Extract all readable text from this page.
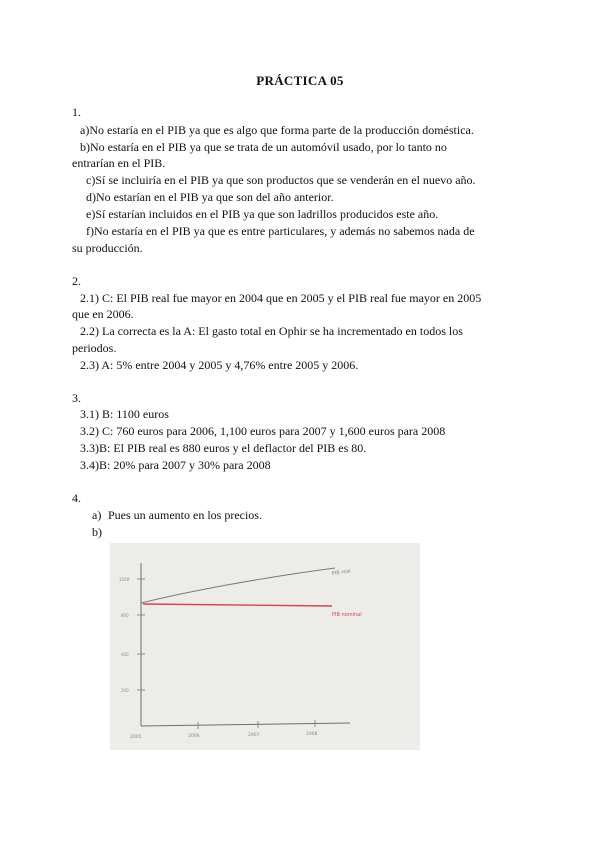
PRÁCTICA 05
1.
a)No estaría en el PIB ya que es algo que forma parte de la producción doméstica.
b)No estaría en el PIB ya que se trata de un automóvil usado, por lo tanto no
entrarían en el PIB.
c)Sí se incluiría en el PIB ya que son productos que se venderán en el nuevo año.
d)No estarían en el PIB ya que son del año anterior.
e)Sí estarían incluidos en el PIB ya que son ladrillos producidos este año.
f)No estaría en el PIB ya que es entre particulares, y además no sabemos nada de
su producción.
2.
2.1) C: El PIB real fue mayor en 2004 que en 2005 y el PIB real fue mayor en 2005
que en 2006.
2.2) La correcta es la A: El gasto total en Ophir se ha incrementado en todos los
periodos.
2.3) A: 5% entre 2004 y 2005 y 4,76% entre 2005 y 2006.
3.
3.1) B: 1100 euros
3.2) C: 760 euros para 2006, 1,100 euros para 2007 y 1,600 euros para 2008
3.3)B: El PIB real es 880 euros y el deflactor del PIB es 80.
3.4)B: 20% para 2007 y 30% para 2008
4.
a) Pues un aumento en los precios.
b)
1200
800
400
200
2005	2006	2007	2008
PIB real
PIB nominal
